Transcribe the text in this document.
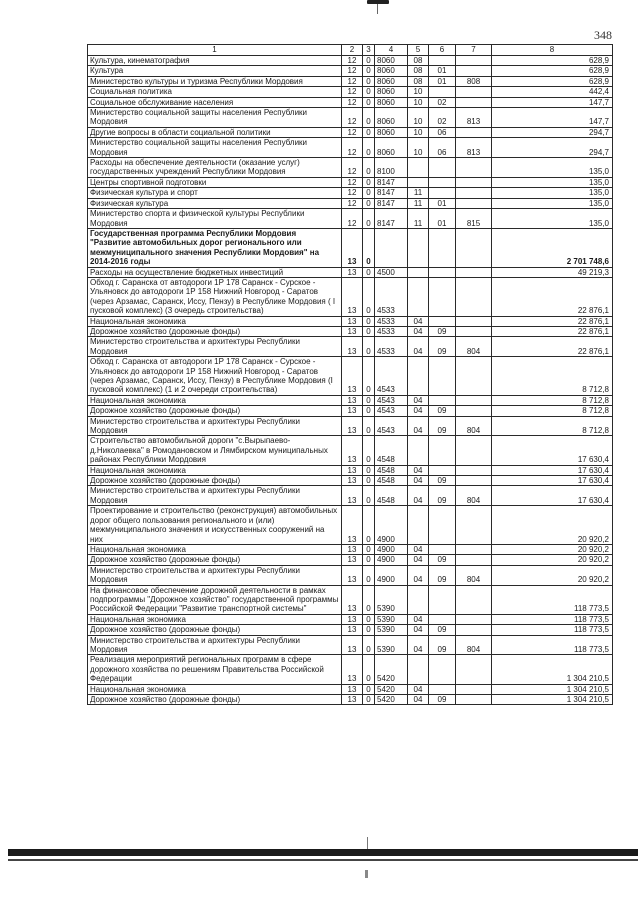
348
1	2	3	4	5	6	7	8
Культура, кинематография	12	0	8060	08			628,9
Культура	12	0	8060	08	01		628,9
Министерство культуры и туризма Республики Мордовия	12	0	8060	08	01	808	628,9
Социальная политика	12	0	8060	10			442,4
Социальное обслуживание населения	12	0	8060	10	02		147,7
Министерство социальной защиты населения Республики Мордовия	12	0	8060	10	02	813	147,7
Другие вопросы в области социальной политики	12	0	8060	10	06		294,7
Министерство социальной защиты населения Республики Мордовия	12	0	8060	10	06	813	294,7
Расходы на обеспечение деятельности (оказание услуг) государственных учреждений Республики Мордовия	12	0	8100				135,0
Центры спортивной подготовки	12	0	8147				135,0
Физическая культура и спорт	12	0	8147	11			135,0
Физическая культура	12	0	8147	11	01		135,0
Министерство спорта и физической культуры Республики Мордовия	12	0	8147	11	01	815	135,0
Государственная программа Республики Мордовия "Развитие автомобильных дорог регионального или межмуниципального значения Республики Мордовия" на 2014-2016 годы	13	0					2 701 748,6
Расходы на осуществление бюджетных инвестиций	13	0	4500				49 219,3
Обход г. Саранска от автодороги 1Р 178 Саранск - Сурское - Ульяновск до автодороги 1Р 158 Нижний Новгород - Саратов (через Арзамас, Саранск, Исcу, Пензу) в Республике Мордовия ( I пусковой комплекс) (3 очередь строительства)	13	0	4533				22 876,1
Национальная экономика	13	0	4533	04			22 876,1
Дорожное хозяйство (дорожные фонды)	13	0	4533	04	09		22 876,1
Министерство строительства и архитектуры Республики Мордовия	13	0	4533	04	09	804	22 876,1
Обход г. Саранска от автодороги 1Р 178 Саранск - Сурское - Ульяновск до автодороги 1Р 158 Нижний Новгород - Саратов (через Арзамас, Саранск, Исcу, Пензу) в Республике Мордовия (I пусковой комплекс) (1 и 2 очереди строительства)	13	0	4543				8 712,8
Национальная экономика	13	0	4543	04			8 712,8
Дорожное хозяйство (дорожные фонды)	13	0	4543	04	09		8 712,8
Министерство строительства и архитектуры Республики Мордовия	13	0	4543	04	09	804	8 712,8
Строительство автомобильной дороги "с.Вырыпаево-д.Николаевка" в Ромодановском и Лямбирском муниципальных районах Республики Мордовия	13	0	4548				17 630,4
Национальная экономика	13	0	4548	04			17 630,4
Дорожное хозяйство (дорожные фонды)	13	0	4548	04	09		17 630,4
Министерство строительства и архитектуры Республики Мордовия	13	0	4548	04	09	804	17 630,4
Проектирование и строительство (реконструкция) автомобильных дорог общего пользования регионального и (или) межмуниципального значения и искусственных сооружений на них	13	0	4900				20 920,2
Национальная экономика	13	0	4900	04			20 920,2
Дорожное хозяйство (дорожные фонды)	13	0	4900	04	09		20 920,2
Министерство строительства и архитектуры Республики Мордовия	13	0	4900	04	09	804	20 920,2
На финансовое обеспечение дорожной деятельности в рамках подпрограммы "Дорожное хозяйство" государственной программы Российской Федерации "Развитие транспортной системы"	13	0	5390				118 773,5
Национальная экономика	13	0	5390	04			118 773,5
Дорожное хозяйство (дорожные фонды)	13	0	5390	04	09		118 773,5
Министерство строительства и архитектуры Республики Мордовия	13	0	5390	04	09	804	118 773,5
Реализация мероприятий региональных программ в сфере дорожного хозяйства по решениям Правительства Российской Федерации	13	0	5420				1 304 210,5
Национальная экономика	13	0	5420	04			1 304 210,5
Дорожное хозяйство (дорожные фонды)	13	0	5420	04	09		1 304 210,5
